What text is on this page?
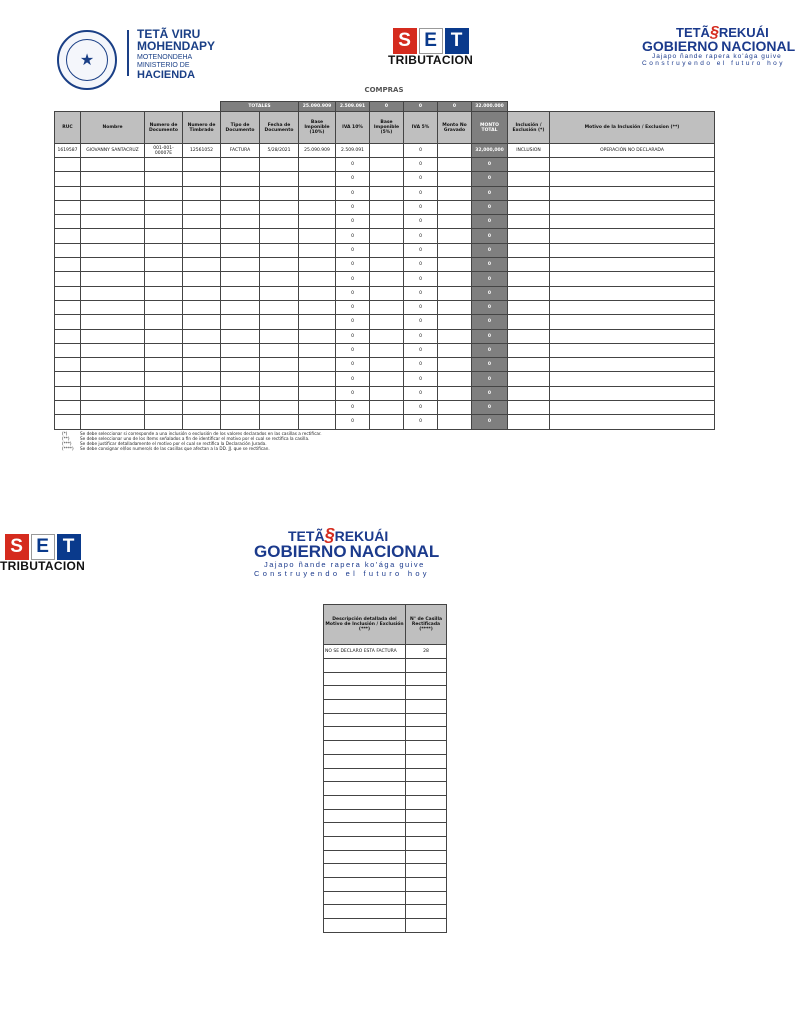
★
TETÃ VIRU
MOHENDAPY
MOTENONDEHA
MINISTERIO DE
HACIENDA
S E T
TRIBUTACION
TETÃ § REKUÁI
GOBIERNO NACIONAL
Jajapo ñande rapera ko'ága guive
Construyendo el futuro hoy
COMPRAS
				TOTALES		25.090.909	2.509.091	0	0	0	32.000.000		
RUC	Nombre	Numero de Documento	Numero de Timbrado	Tipo de Documento	Fecha de Documento	Base Imponible (10%)	IVA 10%	Base Imponible (5%)	IVA 5%	Monto No Gravado	MONTO TOTAL	Inclusión / Exclusión (*)	Motivo de la Inclusión / Exclusion (**)
1619587	GIOVANNY SANTACRUZ	001-001-00007E	12561052	FACTURA	5/28/2021	25.090.909	2.509.091		0		32,000,000	INCLUSION	OPERACIÓN NO DECLARADA
							0		0		0		
							0		0		0		
							0		0		0		
							0		0		0		
							0		0		0		
							0		0		0		
							0		0		0		
							0		0		0		
							0		0		0		
							0		0		0		
							0		0		0		
							0		0		0		
							0		0		0		
							0		0		0		
							0		0		0		
							0		0		0		
							0		0		0		
							0		0		0		
							0		0		0		
(*)	Se debe seleccionar si corresponde a una inclusión o exclusión de los valores declarados en las casillas a rectificar.
(**)	Se debe seleccionar uno de los ítems señalados a fin de identificar el motivo por el cual se rectifica la casilla.
(***)	Se debe justificar detalladamente el motivo por el cual se rectifica la Declaración Jurada.
(****)	Se debe consignar el/los numero/s de las casillas que afectan a la DD. JJ. que se rectifican.
S E T
TRIBUTACION
TETÃ § REKUÁI
GOBIERNO NACIONAL
Jajapo ñande rapera ko'ága guive
Construyendo el futuro hoy
Descripción detallada del Motivo de Inclusión / Exclusión (***)	N° de Casilla Rectificada (****)
NO SE DECLARO ESTA FACTURA	28
